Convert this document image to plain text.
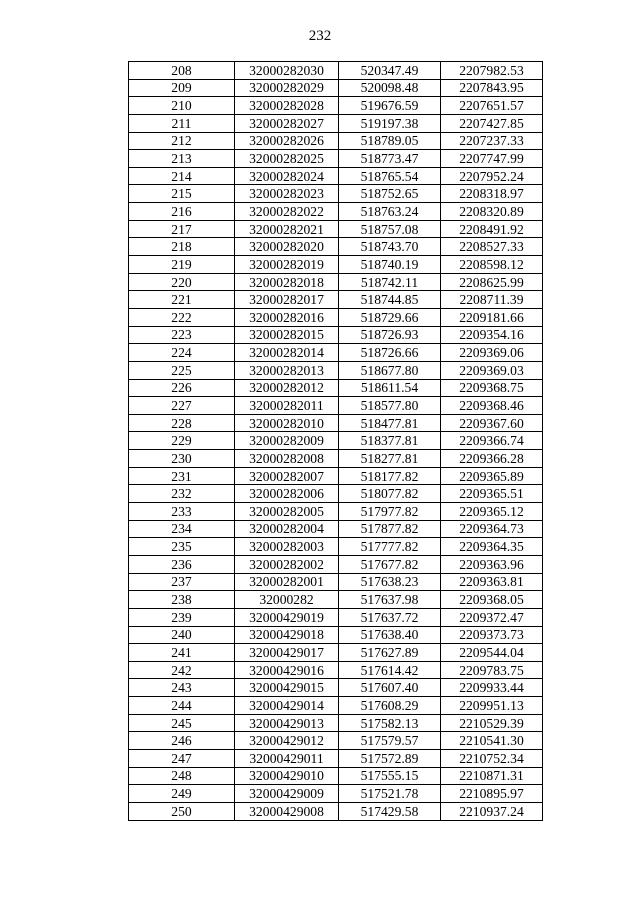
232
208	32000282030	520347.49	2207982.53
209	32000282029	520098.48	2207843.95
210	32000282028	519676.59	2207651.57
211	32000282027	519197.38	2207427.85
212	32000282026	518789.05	2207237.33
213	32000282025	518773.47	2207747.99
214	32000282024	518765.54	2207952.24
215	32000282023	518752.65	2208318.97
216	32000282022	518763.24	2208320.89
217	32000282021	518757.08	2208491.92
218	32000282020	518743.70	2208527.33
219	32000282019	518740.19	2208598.12
220	32000282018	518742.11	2208625.99
221	32000282017	518744.85	2208711.39
222	32000282016	518729.66	2209181.66
223	32000282015	518726.93	2209354.16
224	32000282014	518726.66	2209369.06
225	32000282013	518677.80	2209369.03
226	32000282012	518611.54	2209368.75
227	32000282011	518577.80	2209368.46
228	32000282010	518477.81	2209367.60
229	32000282009	518377.81	2209366.74
230	32000282008	518277.81	2209366.28
231	32000282007	518177.82	2209365.89
232	32000282006	518077.82	2209365.51
233	32000282005	517977.82	2209365.12
234	32000282004	517877.82	2209364.73
235	32000282003	517777.82	2209364.35
236	32000282002	517677.82	2209363.96
237	32000282001	517638.23	2209363.81
238	32000282	517637.98	2209368.05
239	32000429019	517637.72	2209372.47
240	32000429018	517638.40	2209373.73
241	32000429017	517627.89	2209544.04
242	32000429016	517614.42	2209783.75
243	32000429015	517607.40	2209933.44
244	32000429014	517608.29	2209951.13
245	32000429013	517582.13	2210529.39
246	32000429012	517579.57	2210541.30
247	32000429011	517572.89	2210752.34
248	32000429010	517555.15	2210871.31
249	32000429009	517521.78	2210895.97
250	32000429008	517429.58	2210937.24
